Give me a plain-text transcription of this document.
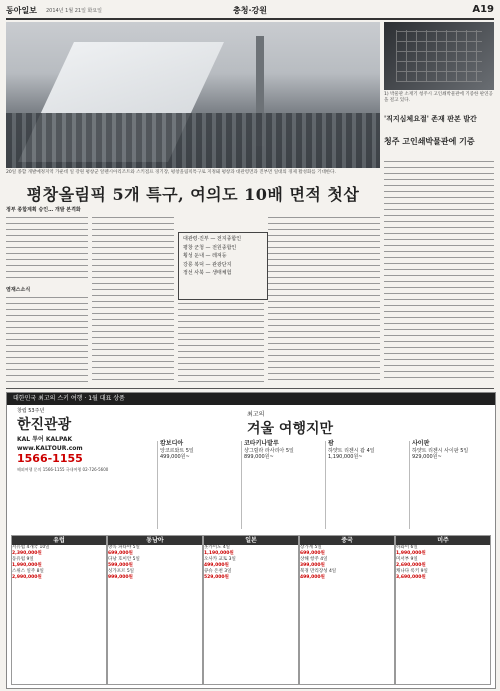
동아일보 2014년 1월 21일 화요일	충청·강원	A19
20일 종합 개발예정지역 가운데 일 강원 평창군 알펜시아리조트와 스키점프 경기장, 평창올림픽특구로 지정돼 평창과 대관령면과 진부면 일대의 경제 활성화를 기대한다.
1) 박물관 소재기 청주시 고인쇄박물관에 기증한 판연공을 걸고 있다.
'직지심체요절' 존재 판본 발간
청주 고인쇄박물관에 기증
평창올림픽 5개 특구, 여의도 10배 면적 첫삽
정부 종합계획 승인… 개발 본격화
대관령·진부 — 전지종합인
평창 군청 — 전원종합인
횡성 둔내 — 레져등
강릉 복덕 — 관광단지
정선 사북 — 생태체험
염재스소식
대한민국 최고의 스키 여행 · 1월 대표 상품
창립 53주년
한진관광
KAL 투어 KALPAK
www.KALTOUR.com
1566-1155
해외여행 문의 1566-1155 국내여행 02-726-5600
최고의
겨울 여행지만
캄보디아
앙코르와트 5일
499,000원~
코타키나발루
샹그릴라 라사리아 5일
899,000원~
괌
하얏트 리젠시 괌 4일
1,190,000원~
사이판
하얏트 리젠시 사이판 5일
929,000원~
유럽
서유럽 4개국 10일
2,390,000원
동유럽 9일
1,990,000원
스위스 일주 8일
2,990,000원
동남아
방콕 파타야 5일
699,000원
다낭 호이안 5일
599,000원
싱가포르 5일
999,000원
일본
홋카이도 4일
1,190,000원
오사카 교토 3일
499,000원
큐슈 온천 3일
529,000원
중국
장가계 5일
699,000원
상해 항주 4일
399,000원
북경 만리장성 4일
499,000원
미주
하와이 6일
1,990,000원
미서부 9일
2,690,000원
캐나다 록키 9일
3,690,000원
